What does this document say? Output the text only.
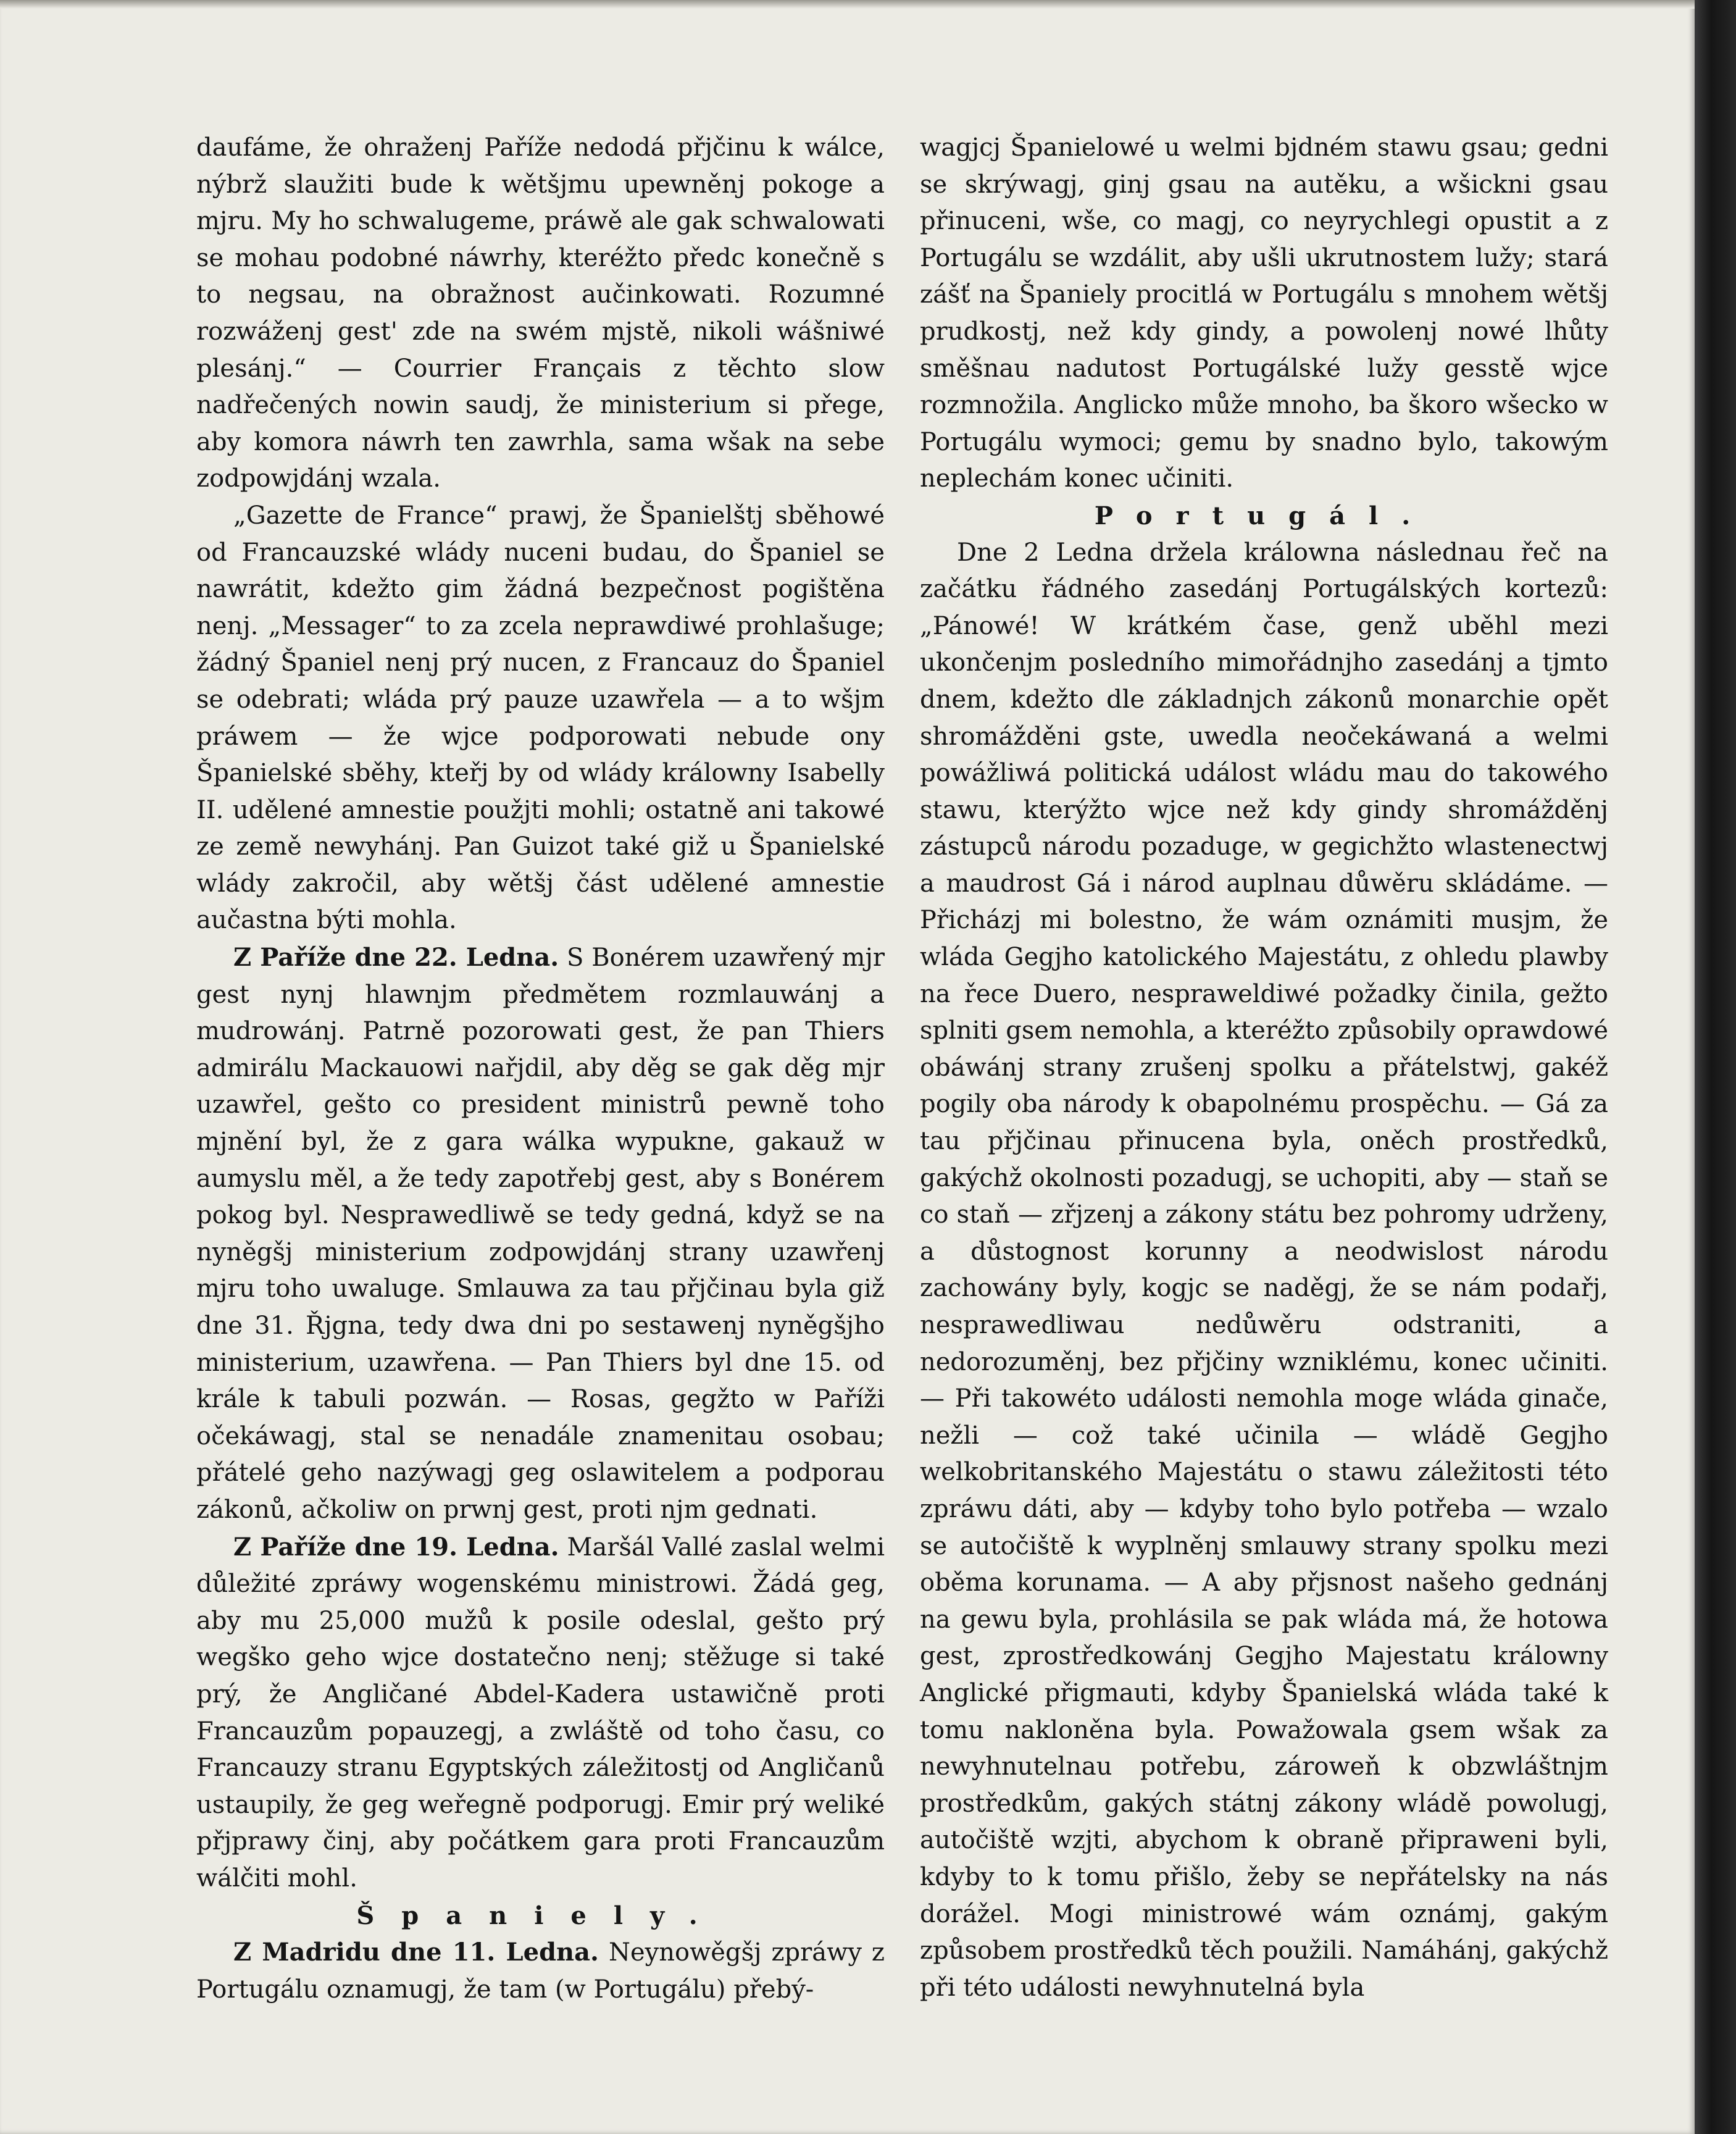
daufáme, že ohraženj Paříže nedodá přjčinu k wálce, nýbrž slaužiti bude k wětšjmu upewněnj pokoge a mjru. My ho schwalugeme, práwě ale gak schwalowati se mohau podobné náwrhy, kteréžto předc konečně s to negsau, na obražnost aučinkowati. Rozumné rozwáženj gest' zde na swém mjstě, nikoli wášniwé plesánj.“ — Courrier Français z těchto slow nadřečených nowin saudj, že ministerium si přege, aby komora náwrh ten zawrhla, sama wšak na sebe zodpowjdánj wzala.

„Gazette de France“ prawj, že Španielštj sběhowé od Francauzské wlády nuceni budau, do Španiel se nawrátit, kdežto gim žádná bezpečnost pogištěna nenj. „Messager“ to za zcela neprawdiwé prohlašuge; žádný Španiel nenj prý nucen, z Francauz do Španiel se odebrati; wláda prý pauze uzawřela — a to wšjm práwem — že wjce podporowati nebude ony Španielské sběhy, kteřj by od wlády králowny Isabelly II. udělené amnestie použjti mohli; ostatně ani takowé ze země newyhánj. Pan Guizot také giž u Španielské wlády zakročil, aby wětšj část udělené amnestie aučastna býti mohla.

Z Paříže dne 22. Ledna. S Bonérem uzawřený mjr gest nynj hlawnjm předmětem rozmlauwánj a mudrowánj. Patrně pozorowati gest, že pan Thiers admirálu Mackauowi nařjdil, aby děg se gak děg mjr uzawřel, gešto co president ministrů pewně toho mjnění byl, že z gara wálka wypukne, gakauž w aumyslu měl, a že tedy zapotřebj gest, aby s Bonérem pokog byl. Nesprawedliwě se tedy gedná, když se na nyněgšj ministerium zodpowjdánj strany uzawřenj mjru toho uwaluge. Smlauwa za tau přjčinau byla giž dne 31. Řjgna, tedy dwa dni po sestawenj nyněgšjho ministerium, uzawřena. — Pan Thiers byl dne 15. od krále k tabuli pozwán. — Rosas, gegžto w Paříži očekáwagj, stal se nenadále znamenitau osobau; přátelé geho nazýwagj geg oslawitelem a podporau zákonů, ačkoliw on prwnj gest, proti njm gednati.

Z Paříže dne 19. Ledna. Maršál Vallé zaslal welmi důležité zpráwy wogenskému ministrowi. Žádá geg, aby mu 25,000 mužů k posile odeslal, gešto prý wegško geho wjce dostatečno nenj; stěžuge si také prý, že Angličané Abdel-Kadera ustawičně proti Francauzům popauzegj, a zwláště od toho času, co Francauzy stranu Egyptských záležitostj od Angličanů ustaupily, že geg weřegně podporugj. Emir prý weliké přjprawy činj, aby počátkem gara proti Francauzům wálčiti mohl.

Španiely.

Z Madridu dne 11. Ledna. Neynowěgšj zpráwy z Portugálu oznamugj, že tam (w Portugálu) přebý-

wagjcj Španielowé u welmi bjdném stawu gsau; gedni se skrýwagj, ginj gsau na autěku, a wšickni gsau přinuceni, wše, co magj, co neyrychlegi opustit a z Portugálu se wzdálit, aby ušli ukrutnostem lužy; stará zášť na Španiely procitlá w Portugálu s mnohem wětšj prudkostj, než kdy gindy, a powolenj nowé lhůty směšnau nadutost Portugálské lužy gesstě wjce rozmnožila. Anglicko může mnoho, ba škoro wšecko w Portugálu wymoci; gemu by snadno bylo, takowým neplechám konec učiniti.

Portugál.

Dne 2 Ledna držela králowna následnau řeč na začátku řádného zasedánj Portugálských kortezů: „Pánowé! W krátkém čase, genž uběhl mezi ukončenjm posledního mimořádnjho zasedánj a tjmto dnem, kdežto dle základnjch zákonů monarchie opět shromážděni gste, uwedla neočekáwaná a welmi powážliwá politická událost wládu mau do takowého stawu, kterýžto wjce než kdy gindy shromážděnj zástupců národu pozaduge, w gegichžto wlastenectwj a maudrost Gá i národ auplnau důwěru skládáme. — Přicházj mi bolestno, že wám oznámiti musjm, že wláda Gegjho katolického Majestátu, z ohledu plawby na řece Duero, nespraweldiwé požadky činila, gežto splniti gsem nemohla, a kteréžto způsobily oprawdowé obáwánj strany zrušenj spolku a přátelstwj, gakéž pogily oba národy k obapolnému prospěchu. — Gá za tau přjčinau přinucena byla, oněch prostředků, gakýchž okolnosti pozadugj, se uchopiti, aby — staň se co staň — zřjzenj a zákony státu bez pohromy udrženy, a důstognost korunny a neodwislost národu zachowány byly, kogjc se naděgj, že se nám podařj, nesprawedliwau nedůwěru odstraniti, a nedorozuměnj, bez přjčiny wzniklému, konec učiniti. — Při takowéto události nemohla moge wláda ginače, nežli — což také učinila — wládě Gegjho welkobritanského Majestátu o stawu záležitosti této zpráwu dáti, aby — kdyby toho bylo potřeba — wzalo se autočiště k wyplněnj smlauwy strany spolku mezi oběma korunama. — A aby přjsnost našeho gednánj na gewu byla, prohlásila se pak wláda má, že hotowa gest, zprostředkowánj Gegjho Majestatu králowny Anglické přigmauti, kdyby Španielská wláda také k tomu nakloněna byla. Powažowala gsem wšak za newyhnutelnau potřebu, zároweň k obzwláštnjm prostředkům, gakých státnj zákony wládě powolugj, autočiště wzjti, abychom k obraně připraweni byli, kdyby to k tomu přišlo, žeby se nepřátelsky na nás dorážel. Mogi ministrowé wám oznámj, gakým způsobem prostředků těch použili. Namáhánj, gakýchž při této události newyhnutelná byla
